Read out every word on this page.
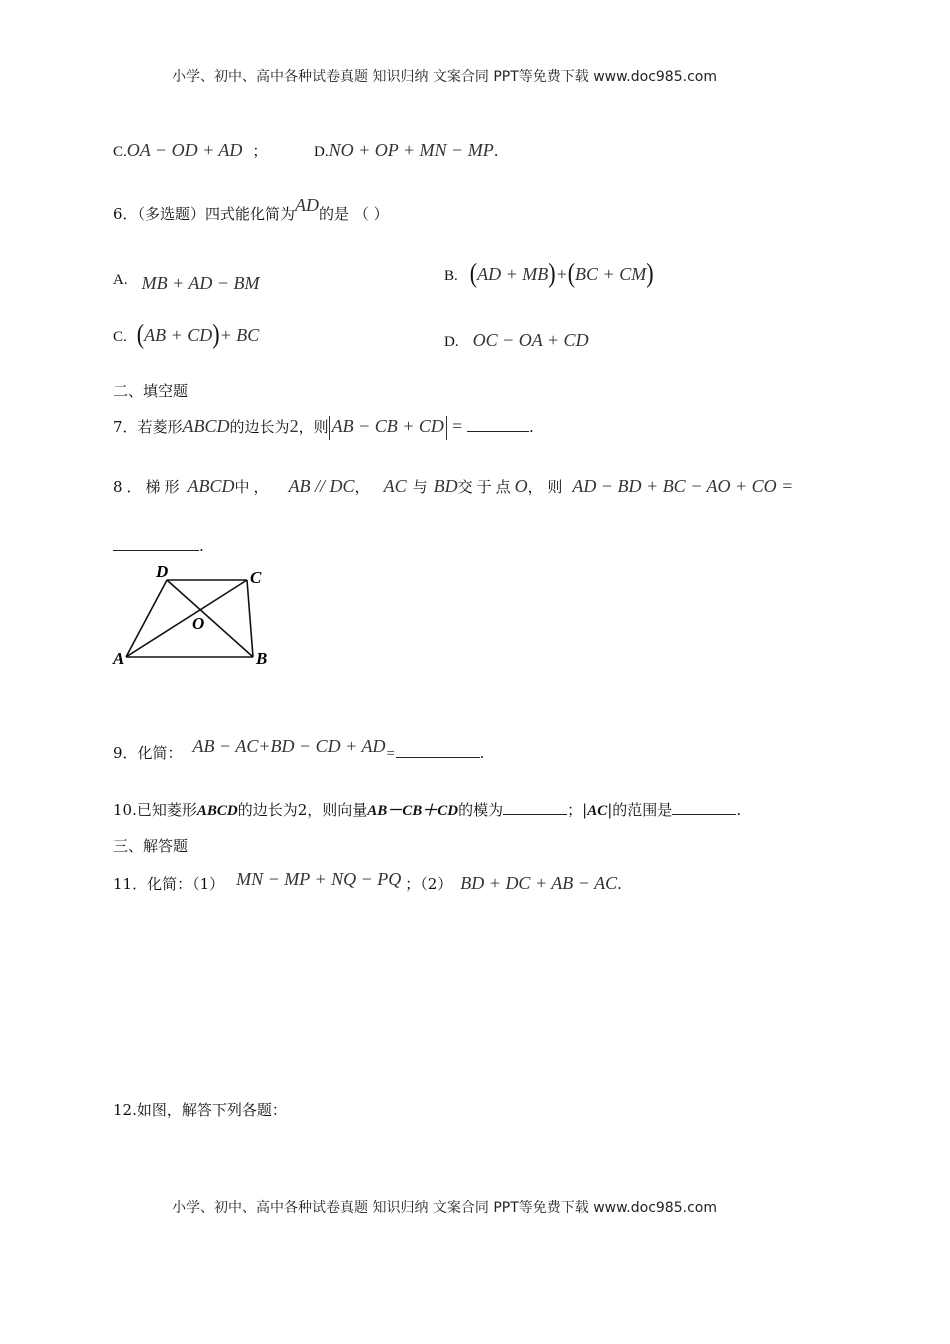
小学、初中、高中各种试卷真题 知识归纳 文案合同 PPT等免费下载 www.doc985.com
C.OA − OD + AD ；	D.NO + OP + MN − MP.
6．（多选题）四式能化简为AD的是 （ ）
A. MB + AD − BM	B. (AD + MB)+(BC + CM)
C. (AB + CD)+ BC	D. OC − OA + CD
二、填空题
7．若菱形ABCD的边长为2，则 AB − CB + CD =	.
8．梯形 ABCD中， AB // DC， AC 与 BD交于点O， 则 AD − BD + BC − AO + CO =
.
A	B
C
D
O
9．化简： AB − AC+BD − CD + AD=	.
10.已知菱形ABCD的边长为2，则向量AB－CB＋CD的模为	；|AC|的范围是	.
三、解答题
11．化简：（1） MN − MP + NQ − PQ ；（2） BD + DC + AB − AC.
12.如图，解答下列各题：
小学、初中、高中各种试卷真题 知识归纳 文案合同 PPT等免费下载 www.doc985.com
